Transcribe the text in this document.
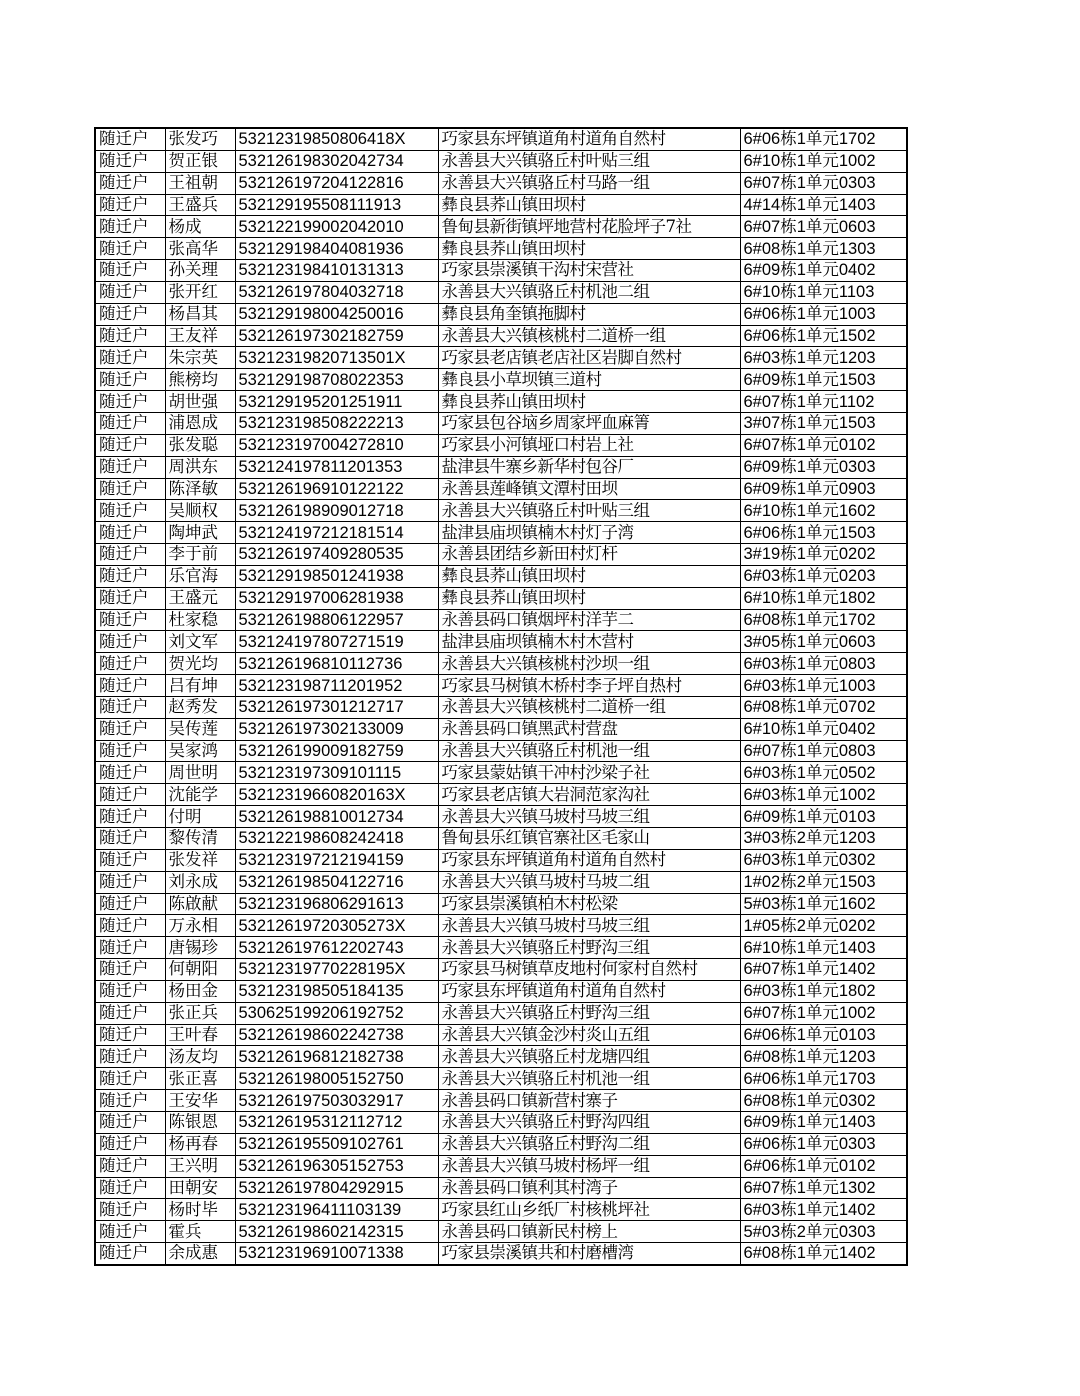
随迁户	张发巧	53212319850806418X	巧家县东坪镇道角村道角自然村	6#06栋1单元1702
随迁户	贺正银	532126198302042734	永善县大兴镇骆丘村叶贴三组	6#10栋1单元1002
随迁户	王祖朝	532126197204122816	永善县大兴镇骆丘村马路一组	6#07栋1单元0303
随迁户	王盛兵	532129195508111913	彝良县荞山镇田坝村	4#14栋1单元1403
随迁户	杨成	532122199002042010	鲁甸县新街镇坪地营村花脸坪子7社	6#07栋1单元0603
随迁户	张高华	532129198404081936	彝良县荞山镇田坝村	6#08栋1单元1303
随迁户	孙关理	532123198410131313	巧家县崇溪镇干沟村宋营社	6#09栋1单元0402
随迁户	张开红	532126197804032718	永善县大兴镇骆丘村机池二组	6#10栋1单元1103
随迁户	杨昌其	532129198004250016	彝良县角奎镇拖脚村	6#06栋1单元1003
随迁户	王友祥	532126197302182759	永善县大兴镇核桃村二道桥一组	6#06栋1单元1502
随迁户	朱宗英	53212319820713501X	巧家县老店镇老店社区岩脚自然村	6#03栋1单元1203
随迁户	熊榜均	532129198708022353	彝良县小草坝镇三道村	6#09栋1单元1503
随迁户	胡世强	532129195201251911	彝良县荞山镇田坝村	6#07栋1单元1102
随迁户	浦恩成	532123198508222213	巧家县包谷垴乡周家坪血麻箐	3#07栋1单元1503
随迁户	张发聪	532123197004272810	巧家县小河镇垭口村岩上社	6#07栋1单元0102
随迁户	周洪东	532124197811201353	盐津县牛寨乡新华村包谷厂	6#09栋1单元0303
随迁户	陈泽敏	532126196910122122	永善县莲峰镇文潭村田坝	6#09栋1单元0903
随迁户	吴顺权	532126198909012718	永善县大兴镇骆丘村叶贴三组	6#10栋1单元1602
随迁户	陶坤武	532124197212181514	盐津县庙坝镇楠木村灯子湾	6#06栋1单元1503
随迁户	李于前	532126197409280535	永善县团结乡新田村灯杆	3#19栋1单元0202
随迁户	乐官海	532129198501241938	彝良县荞山镇田坝村	6#03栋1单元0203
随迁户	王盛元	532129197006281938	彝良县荞山镇田坝村	6#10栋1单元1802
随迁户	杜家稳	532126198806122957	永善县码口镇烟坪村洋芋二	6#08栋1单元1702
随迁户	刘文军	532124197807271519	盐津县庙坝镇楠木村木营村	3#05栋1单元0603
随迁户	贺光均	532126196810112736	永善县大兴镇核桃村沙坝一组	6#03栋1单元0803
随迁户	吕有坤	532123198711201952	巧家县马树镇木桥村李子坪自热村	6#03栋1单元1003
随迁户	赵秀发	532126197301212717	永善县大兴镇核桃村二道桥一组	6#08栋1单元0702
随迁户	吴传莲	532126197302133009	永善县码口镇黑武村营盘	6#10栋1单元0402
随迁户	吴家鸿	532126199009182759	永善县大兴镇骆丘村机池一组	6#07栋1单元0803
随迁户	周世明	532123197309101115	巧家县蒙姑镇干冲村沙梁子社	6#03栋1单元0502
随迁户	沈能学	53212319660820163X	巧家县老店镇大岩洞范家沟社	6#03栋1单元1002
随迁户	付明	532126198810012734	永善县大兴镇马坡村马坡三组	6#09栋1单元0103
随迁户	黎传清	532122198608242418	鲁甸县乐红镇官寨社区毛家山	3#03栋2单元1203
随迁户	张发祥	532123197212194159	巧家县东坪镇道角村道角自然村	6#03栋1单元0302
随迁户	刘永成	532126198504122716	永善县大兴镇马坡村马坡二组	1#02栋2单元1503
随迁户	陈啟献	532123196806291613	巧家县崇溪镇柏木村松梁	5#03栋1单元1602
随迁户	万永相	53212619720305273X	永善县大兴镇马坡村马坡三组	1#05栋2单元0202
随迁户	唐锡珍	532126197612202743	永善县大兴镇骆丘村野沟三组	6#10栋1单元1403
随迁户	何朝阳	53212319770228195X	巧家县马树镇草皮地村何家村自然村	6#07栋1单元1402
随迁户	杨田金	532123198505184135	巧家县东坪镇道角村道角自然村	6#03栋1单元1802
随迁户	张正兵	530625199206192752	永善县大兴镇骆丘村野沟三组	6#07栋1单元1002
随迁户	王叶春	532126198602242738	永善县大兴镇金沙村炎山五组	6#06栋1单元0103
随迁户	汤友均	532126196812182738	永善县大兴镇骆丘村龙塘四组	6#08栋1单元1203
随迁户	张正喜	532126198005152750	永善县大兴镇骆丘村机池一组	6#06栋1单元1703
随迁户	王安华	532126197503032917	永善县码口镇新营村寨子	6#08栋1单元0302
随迁户	陈银恩	532126195312112712	永善县大兴镇骆丘村野沟四组	6#09栋1单元1403
随迁户	杨再春	532126195509102761	永善县大兴镇骆丘村野沟二组	6#06栋1单元0303
随迁户	王兴明	532126196305152753	永善县大兴镇马坡村杨坪一组	6#06栋1单元0102
随迁户	田朝安	532126197804292915	永善县码口镇利其村湾子	6#07栋1单元1302
随迁户	杨时毕	532123196411103139	巧家县红山乡纸厂村核桃坪社	6#03栋1单元1402
随迁户	霍兵	532126198602142315	永善县码口镇新民村榜上	5#03栋2单元0303
随迁户	余成惠	532123196910071338	巧家县崇溪镇共和村磨槽湾	6#08栋1单元1402
